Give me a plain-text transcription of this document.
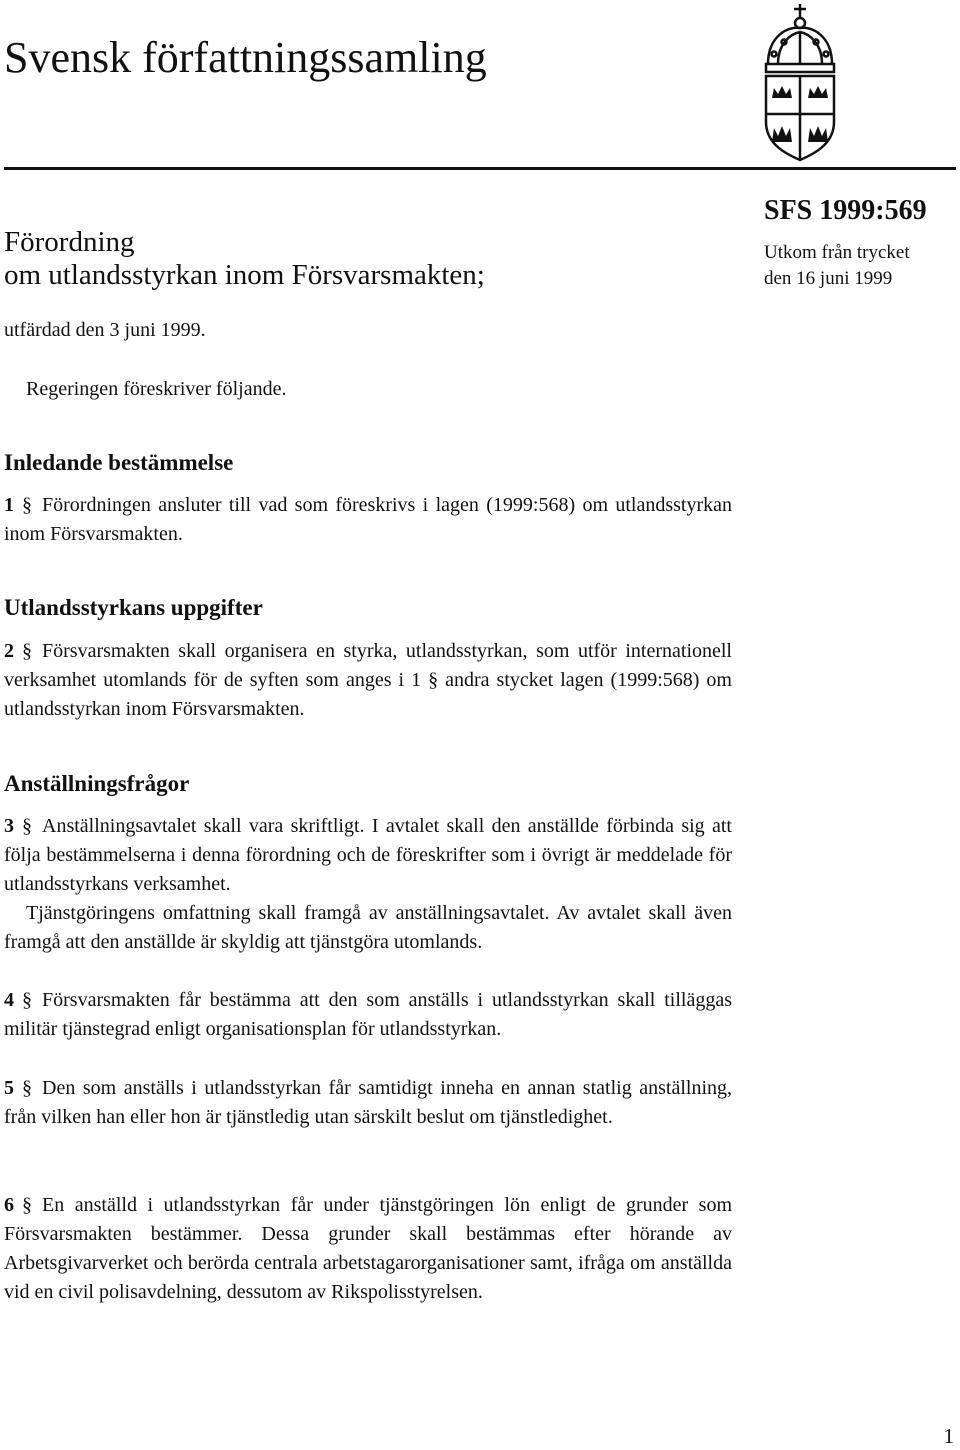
Svensk författningssamling
Förordning
om utlandsstyrkan inom Försvarsmakten;
SFS 1999:569
Utkom från trycket
den 16 juni 1999
utfärdad den 3 juni 1999.
Regeringen föreskriver följande.
Inledande bestämmelse
1 § Förordningen ansluter till vad som föreskrivs i lagen (1999:568) om utlandsstyrkan inom Försvarsmakten.
Utlandsstyrkans uppgifter
2 § Försvarsmakten skall organisera en styrka, utlandsstyrkan, som utför internationell verksamhet utomlands för de syften som anges i 1 § andra stycket lagen (1999:568) om utlandsstyrkan inom Försvarsmakten.
Anställningsfrågor
3 § Anställningsavtalet skall vara skriftligt. I avtalet skall den anställde förbinda sig att följa bestämmelserna i denna förordning och de föreskrifter som i övrigt är meddelade för utlandsstyrkans verksamhet.
Tjänstgöringens omfattning skall framgå av anställningsavtalet. Av avtalet skall även framgå att den anställde är skyldig att tjänstgöra utomlands.
4 § Försvarsmakten får bestämma att den som anställs i utlandsstyrkan skall tilläggas militär tjänstegrad enligt organisationsplan för utlandsstyrkan.
5 § Den som anställs i utlandsstyrkan får samtidigt inneha en annan statlig anställning, från vilken han eller hon är tjänstledig utan särskilt beslut om tjänstledighet.
6 § En anställd i utlandsstyrkan får under tjänstgöringen lön enligt de grunder som Försvarsmakten bestämmer. Dessa grunder skall bestämmas efter hörande av Arbetsgivarverket och berörda centrala arbetstagarorganisationer samt, ifråga om anställda vid en civil polisavdelning, dessutom av Rikspolisstyrelsen.
1
